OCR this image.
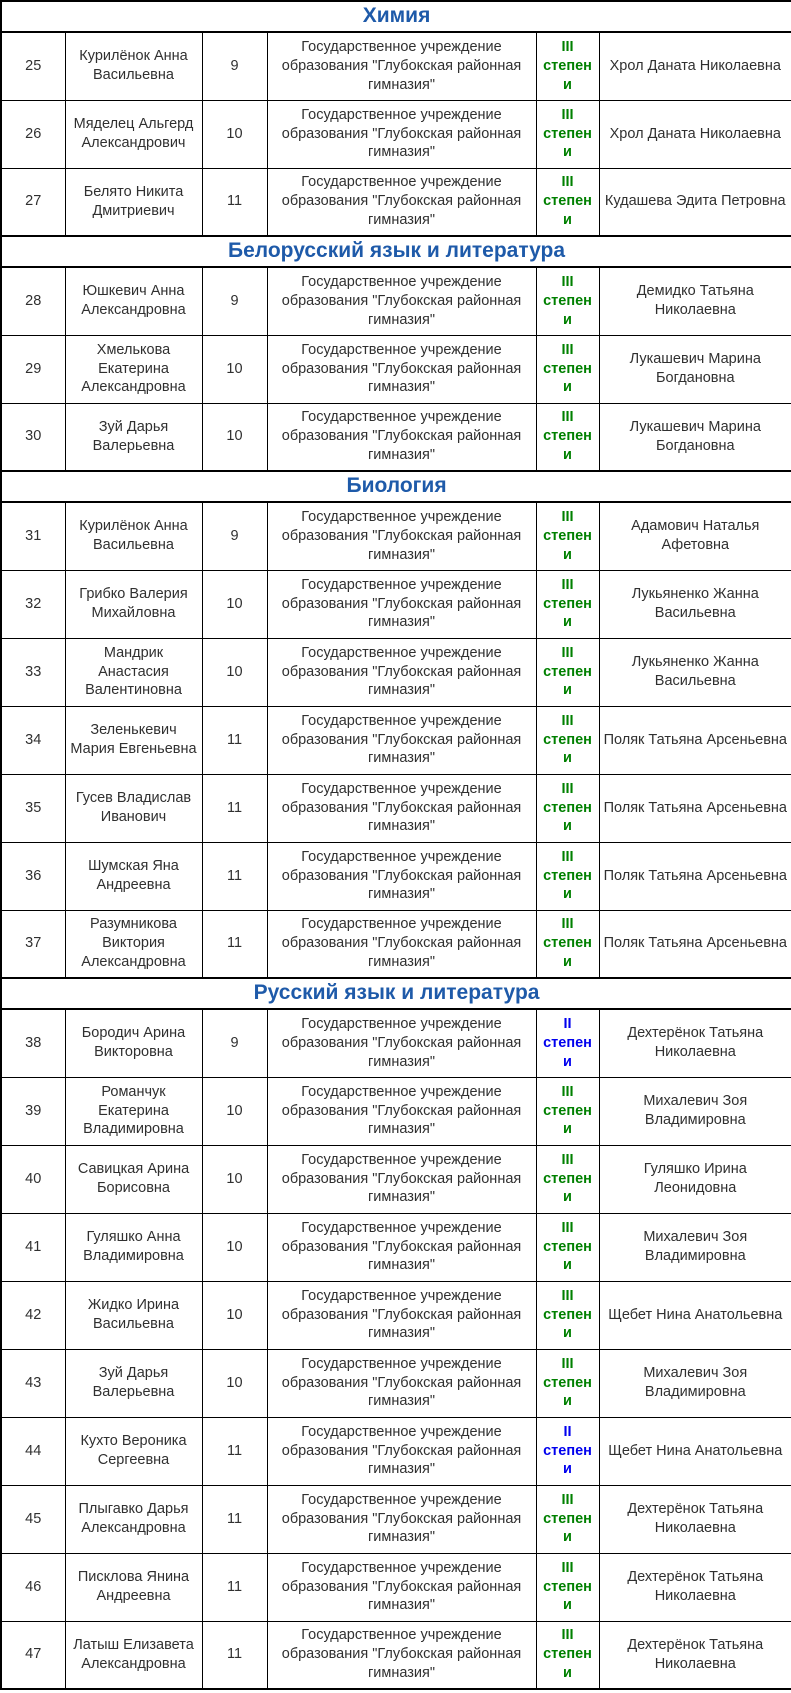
Химия					
25	Курилёнок Анна Васильевна	9	Государственное учреждение образования "Глубокская районная гимназия"	III степени	Хрол Даната Николаевна
26	Мяделец Альгерд Александрович	10	Государственное учреждение образования "Глубокская районная гимназия"	III степени	Хрол Даната Николаевна
27	Белято Никита Дмитриевич	11	Государственное учреждение образования "Глубокская районная гимназия"	III степени	Кудашева Эдита Петровна
Белорусский язык и литература					
28	Юшкевич Анна Александровна	9	Государственное учреждение образования "Глубокская районная гимназия"	III степени	Демидко Татьяна Николаевна
29	Хмелькова Екатерина Александровна	10	Государственное учреждение образования "Глубокская районная гимназия"	III степени	Лукашевич Марина Богдановна
30	Зуй Дарья Валерьевна	10	Государственное учреждение образования "Глубокская районная гимназия"	III степени	Лукашевич Марина Богдановна
Биология					
31	Курилёнок Анна Васильевна	9	Государственное учреждение образования "Глубокская районная гимназия"	III степени	Адамович Наталья Афетовна
32	Грибко Валерия Михайловна	10	Государственное учреждение образования "Глубокская районная гимназия"	III степени	Лукьяненко Жанна Васильевна
33	Мандрик Анастасия Валентиновна	10	Государственное учреждение образования "Глубокская районная гимназия"	III степени	Лукьяненко Жанна Васильевна
34	Зеленькевич Мария Евгеньевна	11	Государственное учреждение образования "Глубокская районная гимназия"	III степени	Поляк Татьяна Арсеньевна
35	Гусев Владислав Иванович	11	Государственное учреждение образования "Глубокская районная гимназия"	III степени	Поляк Татьяна Арсеньевна
36	Шумская Яна Андреевна	11	Государственное учреждение образования "Глубокская районная гимназия"	III степени	Поляк Татьяна Арсеньевна
37	Разумникова Виктория Александровна	11	Государственное учреждение образования "Глубокская районная гимназия"	III степени	Поляк Татьяна Арсеньевна
Русский язык и литература					
38	Бородич Арина Викторовна	9	Государственное учреждение образования "Глубокская районная гимназия"	II степени	Дехтерёнок Татьяна Николаевна
39	Романчук Екатерина Владимировна	10	Государственное учреждение образования "Глубокская районная гимназия"	III степени	Михалевич Зоя Владимировна
40	Савицкая Арина Борисовна	10	Государственное учреждение образования "Глубокская районная гимназия"	III степени	Гуляшко Ирина Леонидовна
41	Гуляшко Анна Владимировна	10	Государственное учреждение образования "Глубокская районная гимназия"	III степени	Михалевич Зоя Владимировна
42	Жидко Ирина Васильевна	10	Государственное учреждение образования "Глубокская районная гимназия"	III степени	Щебет Нина Анатольевна
43	Зуй Дарья Валерьевна	10	Государственное учреждение образования "Глубокская районная гимназия"	III степени	Михалевич Зоя Владимировна
44	Кухто Вероника Сергеевна	11	Государственное учреждение образования "Глубокская районная гимназия"	II степени	Щебет Нина Анатольевна
45	Плыгавко Дарья Александровна	11	Государственное учреждение образования "Глубокская районная гимназия"	III степени	Дехтерёнок Татьяна Николаевна
46	Писклова Янина Андреевна	11	Государственное учреждение образования "Глубокская районная гимназия"	III степени	Дехтерёнок Татьяна Николаевна
47	Латыш Елизавета Александровна	11	Государственное учреждение образования "Глубокская районная гимназия"	III степени	Дехтерёнок Татьяна Николаевна
